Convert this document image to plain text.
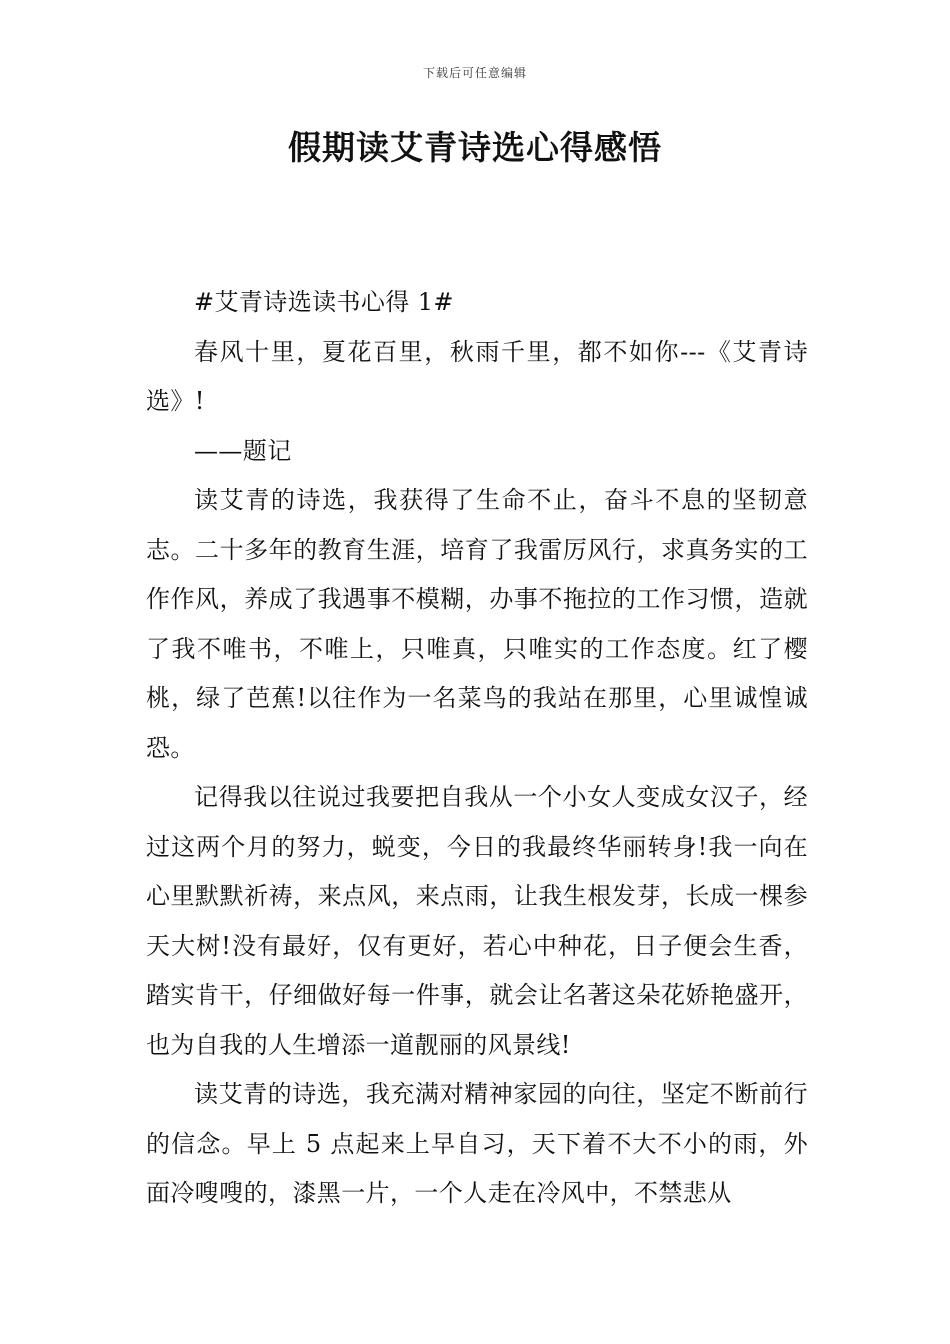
下载后可任意编辑
假期读艾青诗选心得感悟

#艾青诗选读书心得 1#

春风十里，夏花百里，秋雨千里，都不如你---《艾青诗选》!

——题记

读艾青的诗选，我获得了生命不止，奋斗不息的坚韧意志。二十多年的教育生涯，培育了我雷厉风行，求真务实的工作作风，养成了我遇事不模糊，办事不拖拉的工作习惯，造就了我不唯书，不唯上，只唯真，只唯实的工作态度。红了樱桃，绿了芭蕉!以往作为一名菜鸟的我站在那里，心里诚惶诚恐。

记得我以往说过我要把自我从一个小女人变成女汉子，经过这两个月的努力，蜕变，今日的我最终华丽转身!我一向在心里默默祈祷，来点风，来点雨，让我生根发芽，长成一棵参天大树!没有最好，仅有更好，若心中种花，日子便会生香，踏实肯干，仔细做好每一件事，就会让名著这朵花娇艳盛开，也为自我的人生增添一道靓丽的风景线!

读艾青的诗选，我充满对精神家园的向往，坚定不断前行的信念。早上 5 点起来上早自习，天下着不大不小的雨，外面冷嗖嗖的，漆黑一片，一个人走在冷风中，不禁悲从
